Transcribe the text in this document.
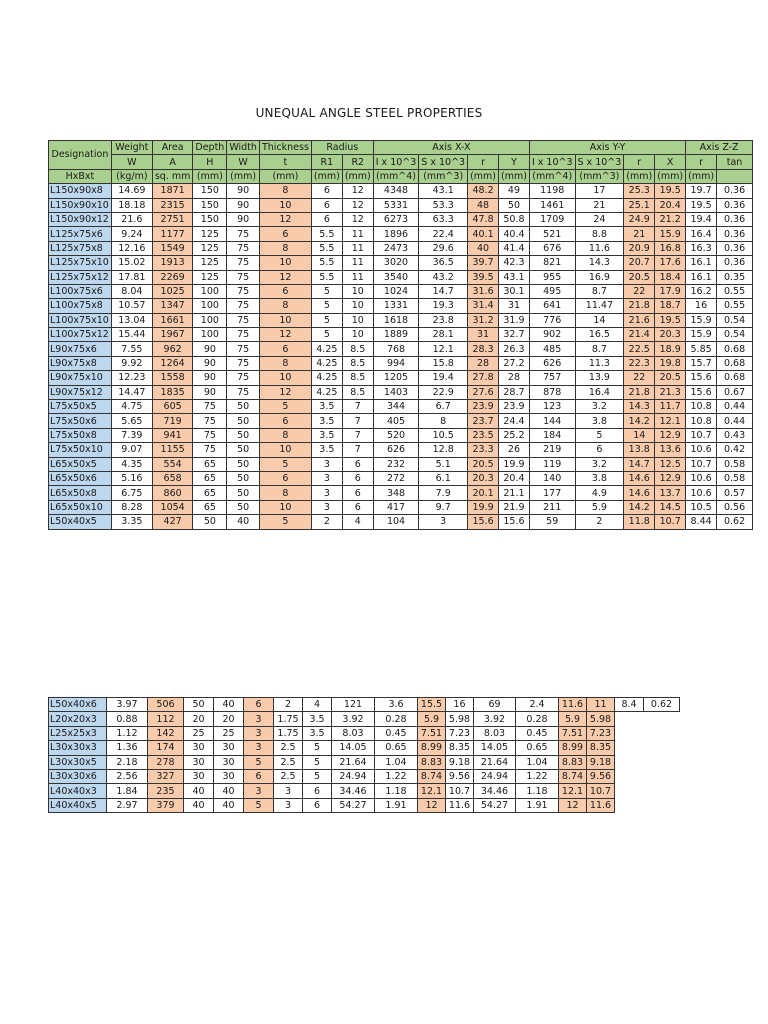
UNEQUAL ANGLE STEEL PROPERTIES
Designation	Weight	Area	Depth	Width	Thickness	Radius		Axis X-X				Axis Y-Y				Axis Z-Z	
	W	A	H	W	t	R1	R2	I x 10^3	S x 10^3	r	Y	I x 10^3	S x 10^3	r	X	r	tan
HxBxt	(kg/m)	sq. mm	(mm)	(mm)	(mm)	(mm)	(mm)	(mm^4)	(mm^3)	(mm)	(mm)	(mm^4)	(mm^3)	(mm)	(mm)	(mm)	
L150x90x8	14.69	1871	150	90	8	6	12	4348	43.1	48.2	49	1198	17	25.3	19.5	19.7	0.36
L150x90x10	18.18	2315	150	90	10	6	12	5331	53.3	48	50	1461	21	25.1	20.4	19.5	0.36
L150x90x12	21.6	2751	150	90	12	6	12	6273	63.3	47.8	50.8	1709	24	24.9	21.2	19.4	0.36
L125x75x6	9.24	1177	125	75	6	5.5	11	1896	22.4	40.1	40.4	521	8.8	21	15.9	16.4	0.36
L125x75x8	12.16	1549	125	75	8	5.5	11	2473	29.6	40	41.4	676	11.6	20.9	16.8	16.3	0.36
L125x75x10	15.02	1913	125	75	10	5.5	11	3020	36.5	39.7	42.3	821	14.3	20.7	17.6	16.1	0.36
L125x75x12	17.81	2269	125	75	12	5.5	11	3540	43.2	39.5	43.1	955	16.9	20.5	18.4	16.1	0.35
L100x75x6	8.04	1025	100	75	6	5	10	1024	14.7	31.6	30.1	495	8.7	22	17.9	16.2	0.55
L100x75x8	10.57	1347	100	75	8	5	10	1331	19.3	31.4	31	641	11.47	21.8	18.7	16	0.55
L100x75x10	13.04	1661	100	75	10	5	10	1618	23.8	31.2	31.9	776	14	21.6	19.5	15.9	0.54
L100x75x12	15.44	1967	100	75	12	5	10	1889	28.1	31	32.7	902	16.5	21.4	20.3	15.9	0.54
L90x75x6	7.55	962	90	75	6	4.25	8.5	768	12.1	28.3	26.3	485	8.7	22.5	18.9	5.85	0.68
L90x75x8	9.92	1264	90	75	8	4.25	8.5	994	15.8	28	27.2	626	11.3	22.3	19.8	15.7	0.68
L90x75x10	12.23	1558	90	75	10	4.25	8.5	1205	19.4	27.8	28	757	13.9	22	20.5	15.6	0.68
L90x75x12	14.47	1835	90	75	12	4.25	8.5	1403	22.9	27.6	28.7	878	16.4	21.8	21.3	15.6	0.67
L75x50x5	4.75	605	75	50	5	3.5	7	344	6.7	23.9	23.9	123	3.2	14.3	11.7	10.8	0.44
L75x50x6	5.65	719	75	50	6	3.5	7	405	8	23.7	24.4	144	3.8	14.2	12.1	10.8	0.44
L75x50x8	7.39	941	75	50	8	3.5	7	520	10.5	23.5	25.2	184	5	14	12.9	10.7	0.43
L75x50x10	9.07	1155	75	50	10	3.5	7	626	12.8	23.3	26	219	6	13.8	13.6	10.6	0.42
L65x50x5	4.35	554	65	50	5	3	6	232	5.1	20.5	19.9	119	3.2	14.7	12.5	10.7	0.58
L65x50x6	5.16	658	65	50	6	3	6	272	6.1	20.3	20.4	140	3.8	14.6	12.9	10.6	0.58
L65x50x8	6.75	860	65	50	8	3	6	348	7.9	20.1	21.1	177	4.9	14.6	13.7	10.6	0.57
L65x50x10	8.28	1054	65	50	10	3	6	417	9.7	19.9	21.9	211	5.9	14.2	14.5	10.5	0.56
L50x40x5	3.35	427	50	40	5	2	4	104	3	15.6	15.6	59	2	11.8	10.7	8.44	0.62
L50x40x6	3.97	506	50	40	6	2	4	121	3.6	15.5	16	69	2.4	11.6	11	8.4	0.62
L20x20x3	0.88	112	20	20	3	1.75	3.5	3.92	0.28	5.9	5.98	3.92	0.28	5.9	5.98		
L25x25x3	1.12	142	25	25	3	1.75	3.5	8.03	0.45	7.51	7.23	8.03	0.45	7.51	7.23		
L30x30x3	1.36	174	30	30	3	2.5	5	14.05	0.65	8.99	8.35	14.05	0.65	8.99	8.35		
L30x30x5	2.18	278	30	30	5	2.5	5	21.64	1.04	8.83	9.18	21.64	1.04	8.83	9.18		
L30x30x6	2.56	327	30	30	6	2.5	5	24.94	1.22	8.74	9.56	24.94	1.22	8.74	9.56		
L40x40x3	1.84	235	40	40	3	3	6	34.46	1.18	12.1	10.7	34.46	1.18	12.1	10.7		
L40x40x5	2.97	379	40	40	5	3	6	54.27	1.91	12	11.6	54.27	1.91	12	11.6		
